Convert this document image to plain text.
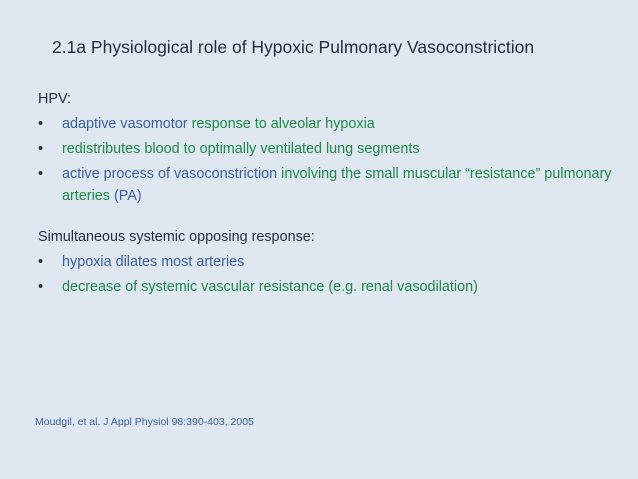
2.1a Physiological role of Hypoxic Pulmonary Vasoconstriction

HPV:

• adaptive vasomotor response to alveolar hypoxia
• redistributes blood to optimally ventilated lung segments
• active process of vasoconstriction involving the small muscular “resistance” pulmonary arteries (PA)

Simultaneous systemic opposing response:

• hypoxia dilates most arteries
• decrease of systemic vascular resistance (e.g. renal vasodilation)
Moudgil, et al. J Appl Physiol 98:390-403, 2005
